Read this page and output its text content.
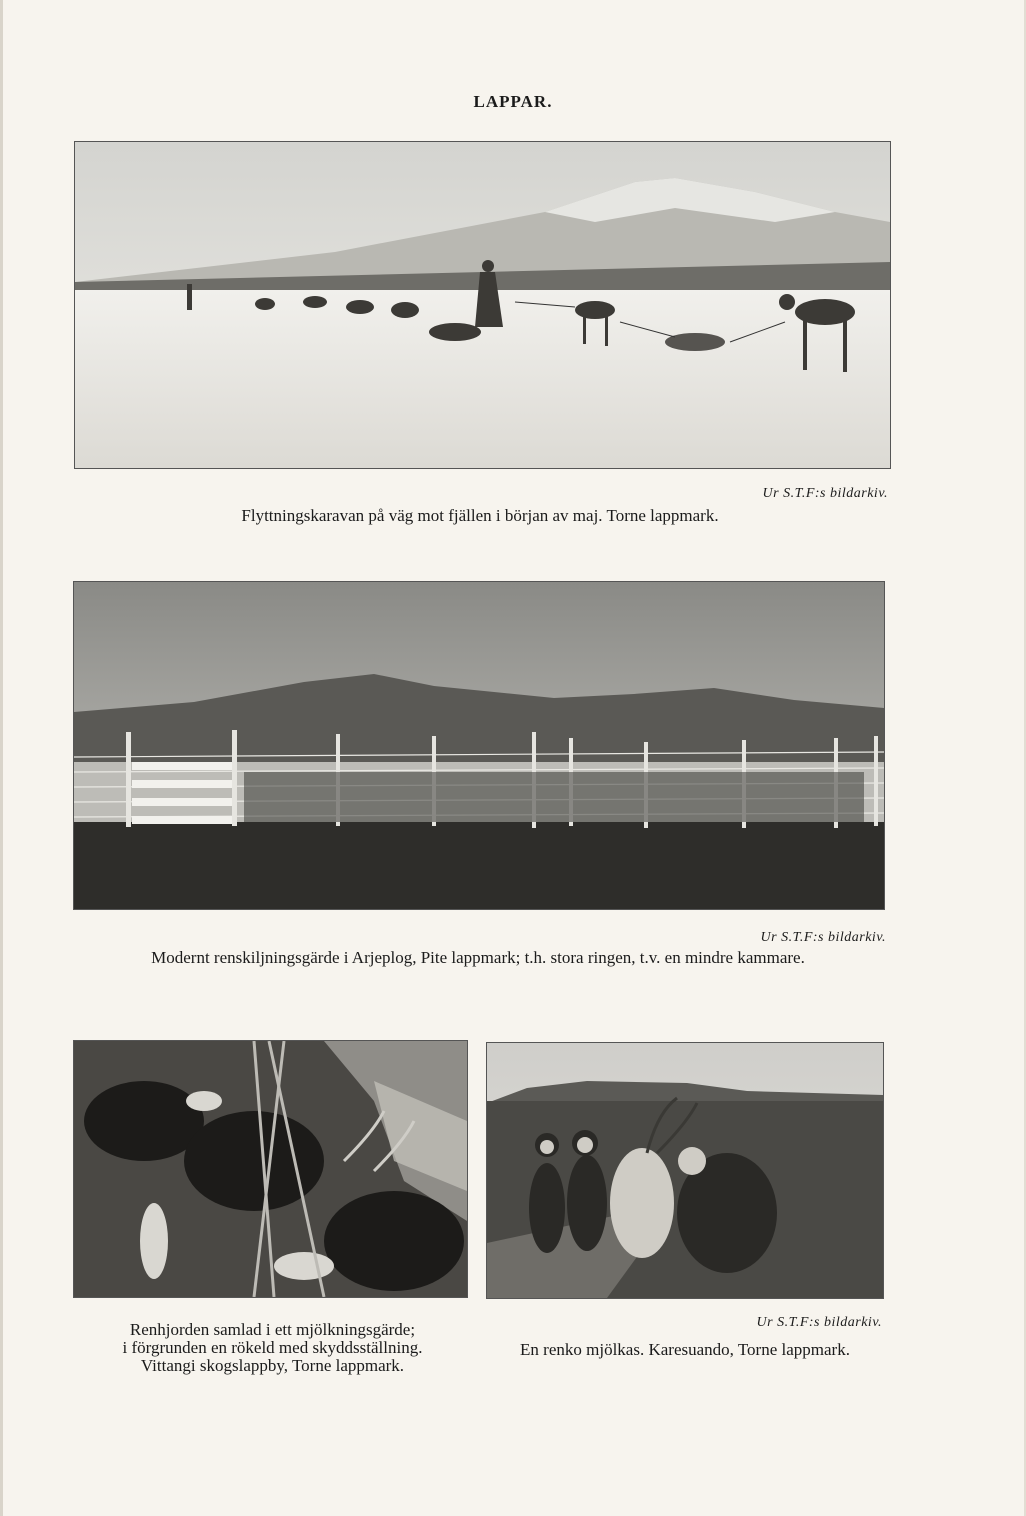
LAPPAR.
Ur S.T.F:s bildarkiv.
Flyttningskaravan på väg mot fjällen i början av maj. Torne lappmark.
Ur S.T.F:s bildarkiv.
Modernt renskiljningsgärde i Arjeplog, Pite lappmark; t.h. stora ringen, t.v. en mindre kammare.
Renhjorden samlad i ett mjölkningsgärde;
i förgrunden en rökeld med skyddsställning.
Vittangi skogslappby, Torne lappmark.
Ur S.T.F:s bildarkiv.
En renko mjölkas. Karesuando, Torne lappmark.
